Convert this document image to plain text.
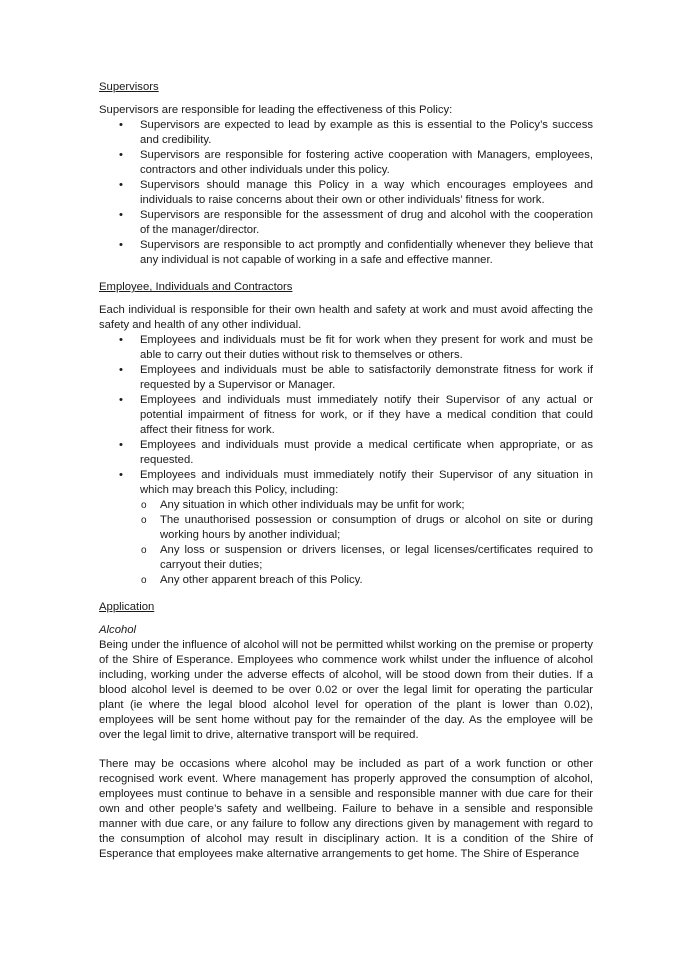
Supervisors

Supervisors are responsible for leading the effectiveness of this Policy:

• Supervisors are expected to lead by example as this is essential to the Policy’s success and credibility.
• Supervisors are responsible for fostering active cooperation with Managers, employees, contractors and other individuals under this policy.
• Supervisors should manage this Policy in a way which encourages employees and individuals to raise concerns about their own or other individuals’ fitness for work.
• Supervisors are responsible for the assessment of drug and alcohol with the cooperation of the manager/director.
• Supervisors are responsible to act promptly and confidentially whenever they believe that any individual is not capable of working in a safe and effective manner.

Employee, Individuals and Contractors

Each individual is responsible for their own health and safety at work and must avoid affecting the safety and health of any other individual.

• Employees and individuals must be fit for work when they present for work and must be able to carry out their duties without risk to themselves or others.
• Employees and individuals must be able to satisfactorily demonstrate fitness for work if requested by a Supervisor or Manager.
• Employees and individuals must immediately notify their Supervisor of any actual or potential impairment of fitness for work, or if they have a medical condition that could affect their fitness for work.
• Employees and individuals must provide a medical certificate when appropriate, or as requested.
• Employees and individuals must immediately notify their Supervisor of any situation in which may breach this Policy, including:
o Any situation in which other individuals may be unfit for work;
o The unauthorised possession or consumption of drugs or alcohol on site or during working hours by another individual;
o Any loss or suspension or drivers licenses, or legal licenses/certificates required to carryout their duties;
o Any other apparent breach of this Policy.

Application

Alcohol

Being under the influence of alcohol will not be permitted whilst working on the premise or property of the Shire of Esperance. Employees who commence work whilst under the influence of alcohol including, working under the adverse effects of alcohol, will be stood down from their duties. If a blood alcohol level is deemed to be over 0.02 or over the legal limit for operating the particular plant (ie where the legal blood alcohol level for operation of the plant is lower than 0.02), employees will be sent home without pay for the remainder of the day. As the employee will be over the legal limit to drive, alternative transport will be required.

There may be occasions where alcohol may be included as part of a work function or other recognised work event. Where management has properly approved the consumption of alcohol, employees must continue to behave in a sensible and responsible manner with due care for their own and other people’s safety and wellbeing. Failure to behave in a sensible and responsible manner with due care, or any failure to follow any directions given by management with regard to the consumption of alcohol may result in disciplinary action. It is a condition of the Shire of Esperance that employees make alternative arrangements to get home. The Shire of Esperance
